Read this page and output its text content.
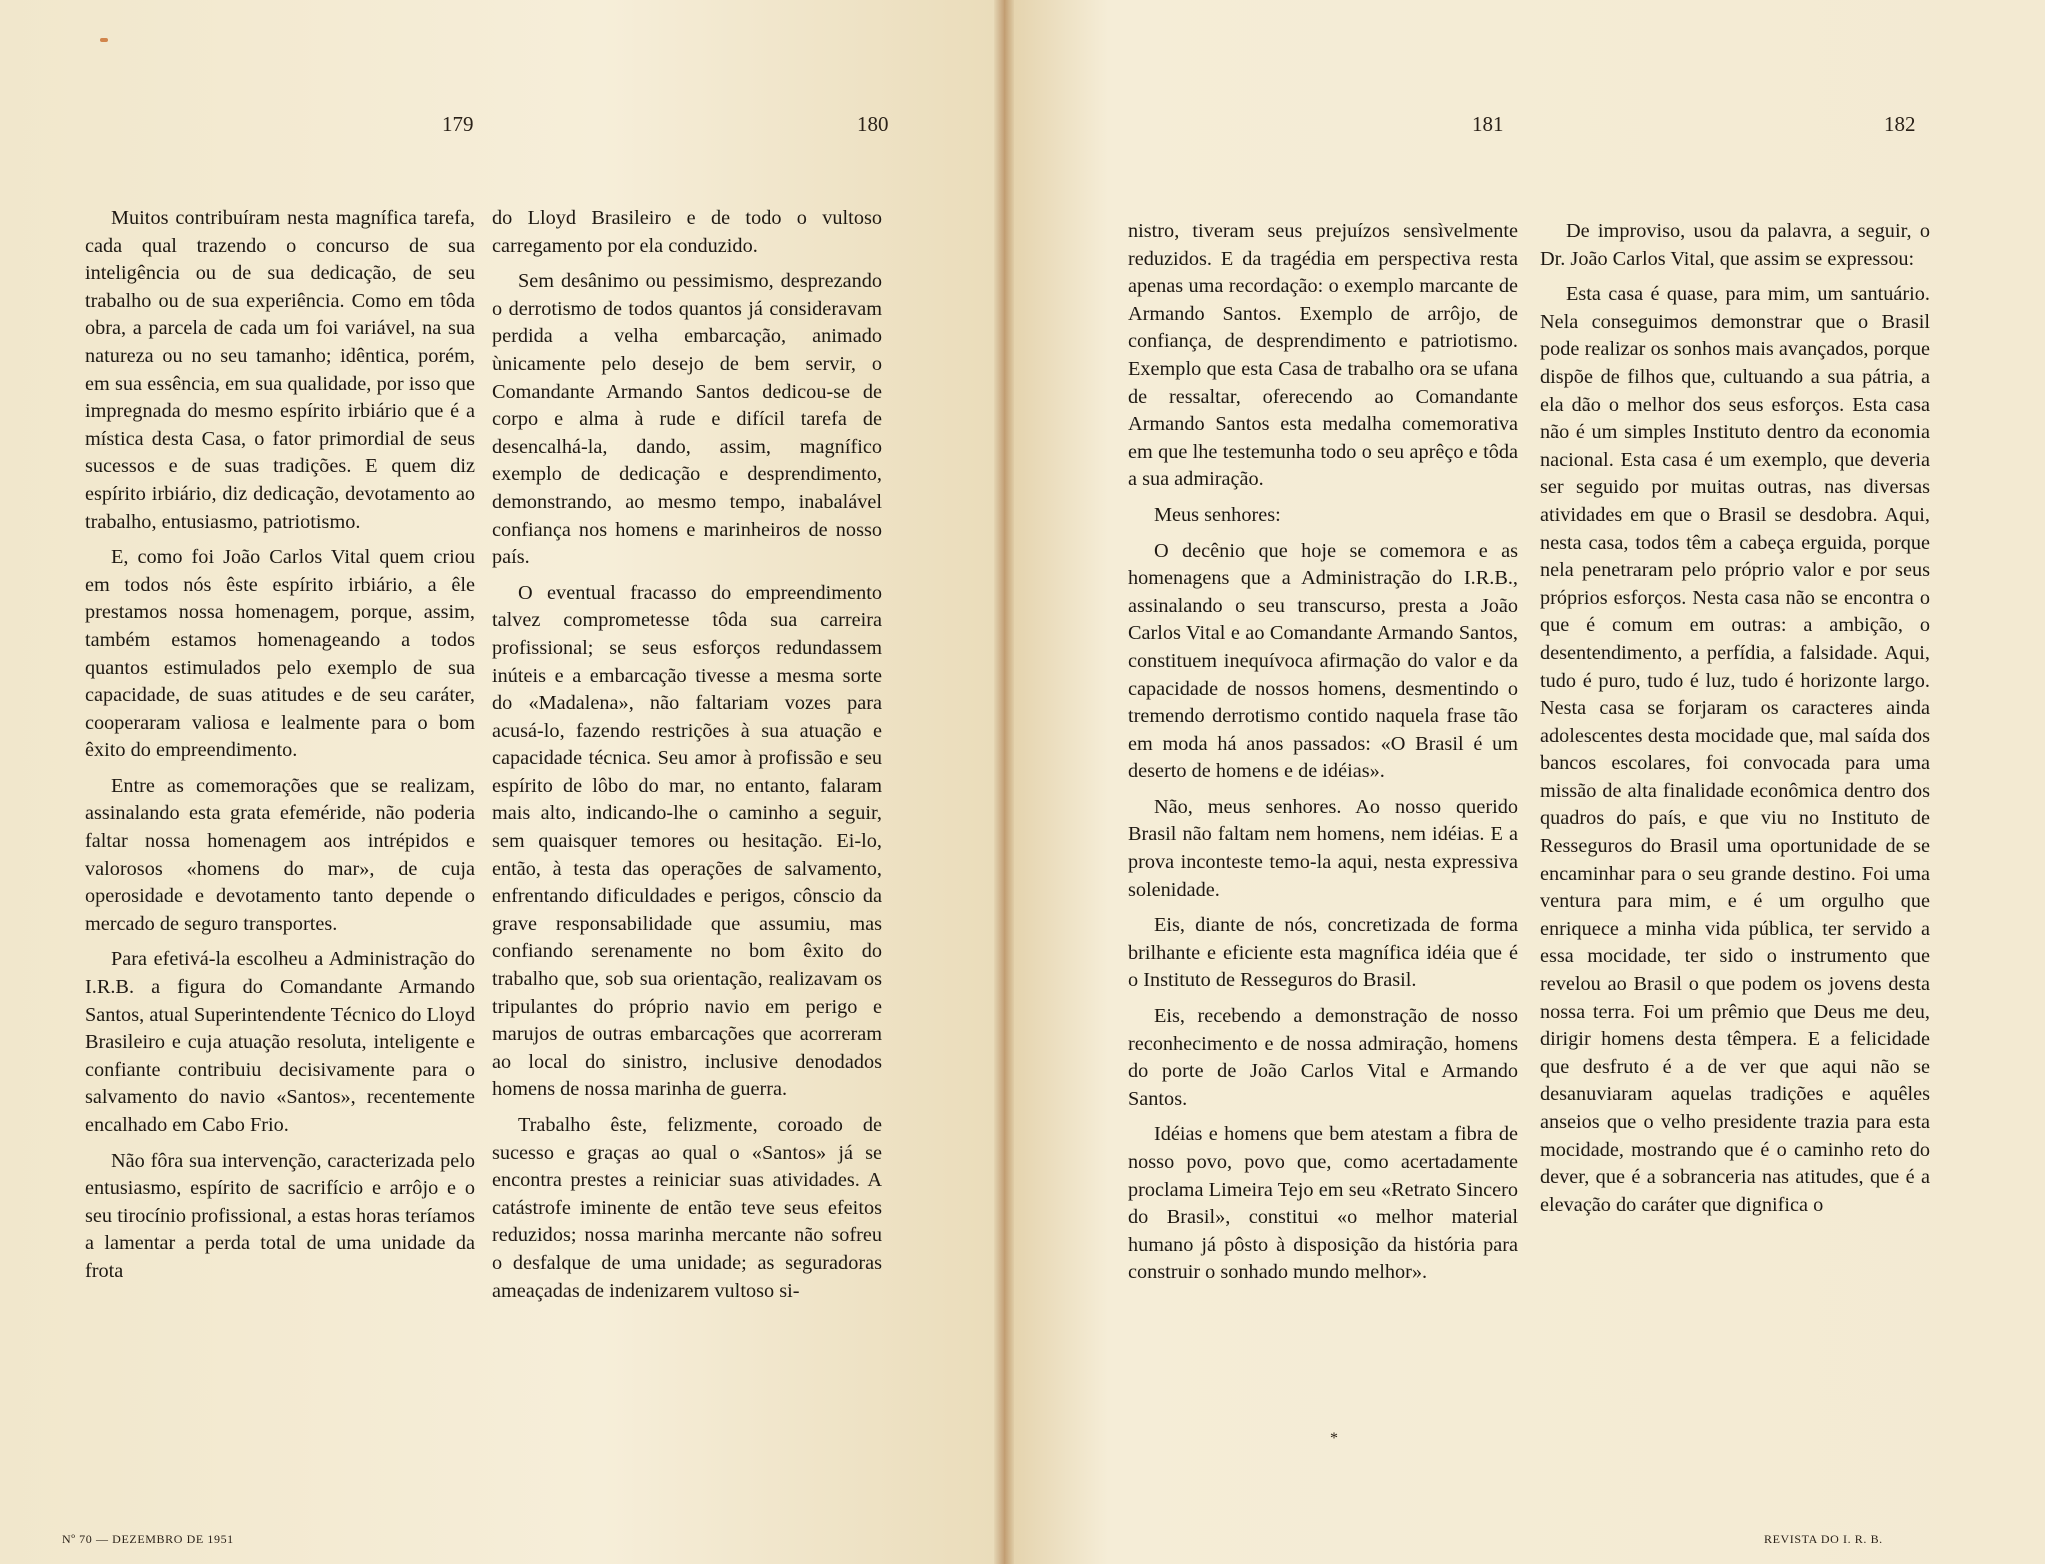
179	180	181	182

Muitos contribuíram nesta magnífica tarefa, cada qual trazendo o concurso de sua inteligência ou de sua dedicação, de seu trabalho ou de sua experiência. Como em tôda obra, a parcela de cada um foi variável, na sua natureza ou no seu tamanho; idêntica, porém, em sua essência, em sua qualidade, por isso que impregnada do mesmo espírito irbiário que é a mística desta Casa, o fator primordial de seus sucessos e de suas tradições. E quem diz espírito irbiário, diz dedicação, devotamento ao trabalho, entusiasmo, patriotismo.

E, como foi João Carlos Vital quem criou em todos nós êste espírito irbiário, a êle prestamos nossa homenagem, porque, assim, também estamos homenageando a todos quantos estimulados pelo exemplo de sua capacidade, de suas atitudes e de seu caráter, cooperaram valiosa e lealmente para o bom êxito do empreendimento.

Entre as comemorações que se realizam, assinalando esta grata efeméride, não poderia faltar nossa homenagem aos intrépidos e valorosos «homens do mar», de cuja operosidade e devotamento tanto depende o mercado de seguro transportes.

Para efetivá-la escolheu a Administração do I.R.B. a figura do Comandante Armando Santos, atual Superintendente Técnico do Lloyd Brasileiro e cuja atuação resoluta, inteligente e confiante contribuiu decisivamente para o salvamento do navio «Santos», recentemente encalhado em Cabo Frio.

Não fôra sua intervenção, caracterizada pelo entusiasmo, espírito de sacrifício e arrôjo e o seu tirocínio profissional, a estas horas teríamos a lamentar a perda total de uma unidade da frota

do Lloyd Brasileiro e de todo o vultoso carregamento por ela conduzido.

Sem desânimo ou pessimismo, desprezando o derrotismo de todos quantos já consideravam perdida a velha embarcação, animado ùnicamente pelo desejo de bem servir, o Comandante Armando Santos dedicou-se de corpo e alma à rude e difícil tarefa de desencalhá-la, dando, assim, magnífico exemplo de dedicação e desprendimento, demonstrando, ao mesmo tempo, inabalável confiança nos homens e marinheiros de nosso país.

O eventual fracasso do empreendimento talvez comprometesse tôda sua carreira profissional; se seus esforços redundassem inúteis e a embarcação tivesse a mesma sorte do «Madalena», não faltariam vozes para acusá-lo, fazendo restrições à sua atuação e capacidade técnica. Seu amor à profissão e seu espírito de lôbo do mar, no entanto, falaram mais alto, indicando-lhe o caminho a seguir, sem quaisquer temores ou hesitação. Ei-lo, então, à testa das operações de salvamento, enfrentando dificuldades e perigos, cônscio da grave responsabilidade que assumiu, mas confiando serenamente no bom êxito do trabalho que, sob sua orientação, realizavam os tripulantes do próprio navio em perigo e marujos de outras embarcações que acorreram ao local do sinistro, inclusive denodados homens de nossa marinha de guerra.

Trabalho êste, felizmente, coroado de sucesso e graças ao qual o «Santos» já se encontra prestes a reiniciar suas atividades. A catástrofe iminente de então teve seus efeitos reduzidos; nossa marinha mercante não sofreu o desfalque de uma unidade; as seguradoras ameaçadas de indenizarem vultoso si-

nistro, tiveram seus prejuízos sensìvelmente reduzidos. E da tragédia em perspectiva resta apenas uma recordação: o exemplo marcante de Armando Santos. Exemplo de arrôjo, de confiança, de desprendimento e patriotismo. Exemplo que esta Casa de trabalho ora se ufana de ressaltar, oferecendo ao Comandante Armando Santos esta medalha comemorativa em que lhe testemunha todo o seu aprêço e tôda a sua admiração.

Meus senhores:

O decênio que hoje se comemora e as homenagens que a Administração do I.R.B., assinalando o seu transcurso, presta a João Carlos Vital e ao Comandante Armando Santos, constituem inequívoca afirmação do valor e da capacidade de nossos homens, desmentindo o tremendo derrotismo contido naquela frase tão em moda há anos passados: «O Brasil é um deserto de homens e de idéias».

Não, meus senhores. Ao nosso querido Brasil não faltam nem homens, nem idéias. E a prova inconteste temo-la aqui, nesta expressiva solenidade.

Eis, diante de nós, concretizada de forma brilhante e eficiente esta magnífica idéia que é o Instituto de Resseguros do Brasil.

Eis, recebendo a demonstração de nosso reconhecimento e de nossa admiração, homens do porte de João Carlos Vital e Armando Santos.

Idéias e homens que bem atestam a fibra de nosso povo, povo que, como acertadamente proclama Limeira Tejo em seu «Retrato Sincero do Brasil», constitui «o melhor material humano já pôsto à disposição da história para construir o sonhado mundo melhor».

*

De improviso, usou da palavra, a seguir, o Dr. João Carlos Vital, que assim se expressou:

Esta casa é quase, para mim, um santuário. Nela conseguimos demonstrar que o Brasil pode realizar os sonhos mais avançados, porque dispõe de filhos que, cultuando a sua pátria, a ela dão o melhor dos seus esforços. Esta casa não é um simples Instituto dentro da economia nacional. Esta casa é um exemplo, que deveria ser seguido por muitas outras, nas diversas atividades em que o Brasil se desdobra. Aqui, nesta casa, todos têm a cabeça erguida, porque nela penetraram pelo próprio valor e por seus próprios esforços. Nesta casa não se encontra o que é comum em outras: a ambição, o desentendimento, a perfídia, a falsidade. Aqui, tudo é puro, tudo é luz, tudo é horizonte largo. Nesta casa se forjaram os caracteres ainda adolescentes desta mocidade que, mal saída dos bancos escolares, foi convocada para uma missão de alta finalidade econômica dentro dos quadros do país, e que viu no Instituto de Resseguros do Brasil uma oportunidade de se encaminhar para o seu grande destino. Foi uma ventura para mim, e é um orgulho que enriquece a minha vida pública, ter servido a essa mocidade, ter sido o instrumento que revelou ao Brasil o que podem os jovens desta nossa terra. Foi um prêmio que Deus me deu, dirigir homens desta têmpera. E a felicidade que desfruto é a de ver que aqui não se desanuviaram aquelas tradições e aquêles anseios que o velho presidente trazia para esta mocidade, mostrando que é o caminho reto do dever, que é a sobranceria nas atitudes, que é a elevação do caráter que dignifica o

Nº 70 — DEZEMBRO DE 1951	REVISTA DO I. R. B.
